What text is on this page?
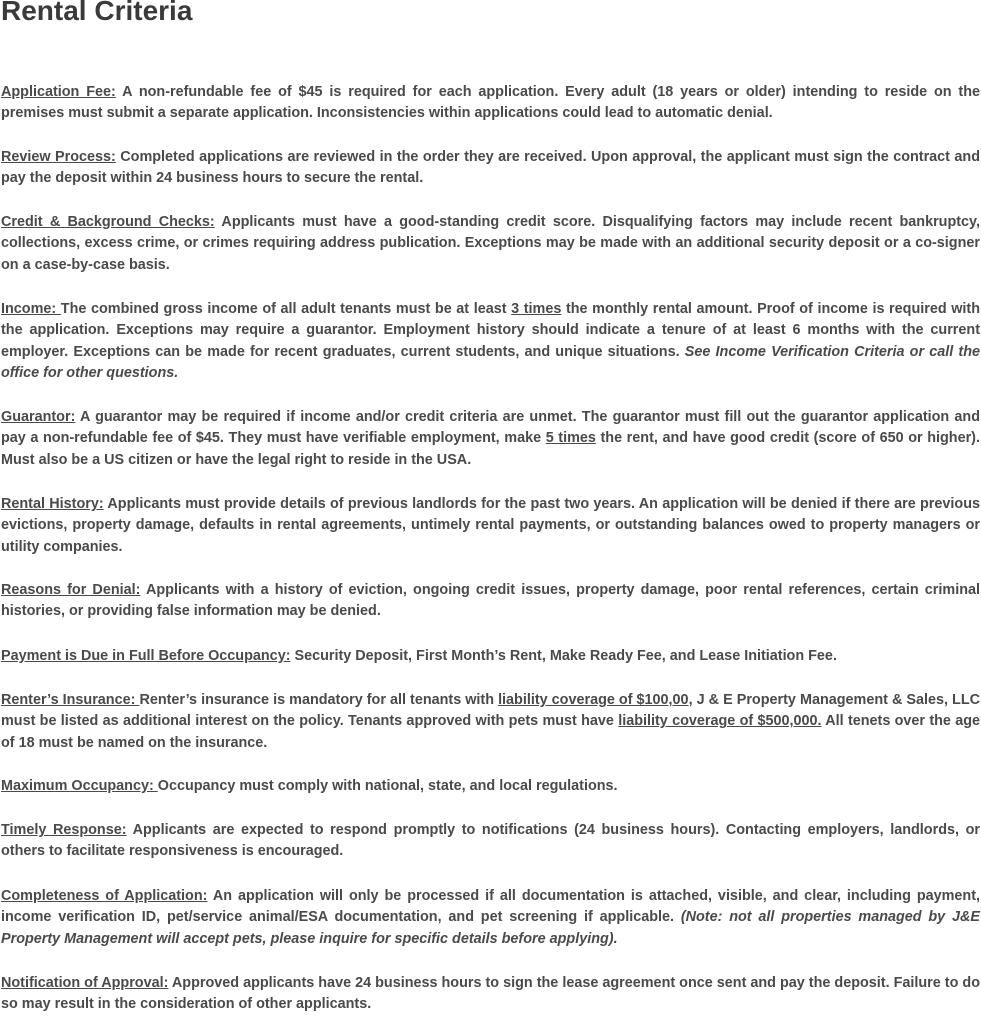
Rental Criteria

Application Fee: A non-refundable fee of $45 is required for each application. Every adult (18 years or older) intending to reside on the premises must submit a separate application. Inconsistencies within applications could lead to automatic denial.

Review Process: Completed applications are reviewed in the order they are received. Upon approval, the applicant must sign the contract and pay the deposit within 24 business hours to secure the rental.

Credit & Background Checks: Applicants must have a good-standing credit score. Disqualifying factors may include recent bankruptcy, collections, excess crime, or crimes requiring address publication. Exceptions may be made with an additional security deposit or a co-signer on a case-by-case basis.

Income: The combined gross income of all adult tenants must be at least 3 times the monthly rental amount. Proof of income is required with the application. Exceptions may require a guarantor. Employment history should indicate a tenure of at least 6 months with the current employer. Exceptions can be made for recent graduates, current students, and unique situations. See Income Verification Criteria or call the office for other questions.

Guarantor: A guarantor may be required if income and/or credit criteria are unmet. The guarantor must fill out the guarantor application and pay a non-refundable fee of $45. They must have verifiable employment, make 5 times the rent, and have good credit (score of 650 or higher). Must also be a US citizen or have the legal right to reside in the USA.

Rental History: Applicants must provide details of previous landlords for the past two years. An application will be denied if there are previous evictions, property damage, defaults in rental agreements, untimely rental payments, or outstanding balances owed to property managers or utility companies.

Reasons for Denial: Applicants with a history of eviction, ongoing credit issues, property damage, poor rental references, certain criminal histories, or providing false information may be denied.

Payment is Due in Full Before Occupancy: Security Deposit, First Month’s Rent, Make Ready Fee, and Lease Initiation Fee.

Renter’s Insurance: Renter’s insurance is mandatory for all tenants with liability coverage of $100,00, J & E Property Management & Sales, LLC must be listed as additional interest on the policy. Tenants approved with pets must have liability coverage of $500,000. All tenets over the age of 18 must be named on the insurance.

Maximum Occupancy: Occupancy must comply with national, state, and local regulations.

Timely Response: Applicants are expected to respond promptly to notifications (24 business hours). Contacting employers, landlords, or others to facilitate responsiveness is encouraged.

Completeness of Application: An application will only be processed if all documentation is attached, visible, and clear, including payment, income verification ID, pet/service animal/ESA documentation, and pet screening if applicable. (Note: not all properties managed by J&E Property Management will accept pets, please inquire for specific details before applying).

Notification of Approval: Approved applicants have 24 business hours to sign the lease agreement once sent and pay the deposit. Failure to do so may result in the consideration of other applicants.
